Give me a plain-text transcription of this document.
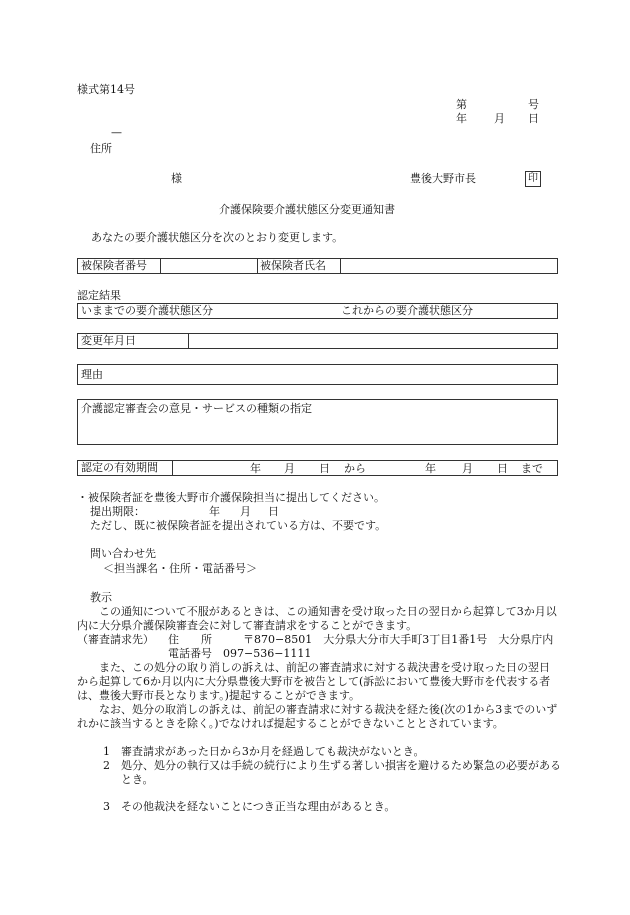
様式第14号
第	号
年 月 日
—
住所
様	豊後大野市長	印
介護保険要介護状態区分変更通知書
あなたの要介護状態区分を次のとおり変更します。
被保険者番号	被保険者氏名
認定結果
いままでの要介護状態区分	これからの要介護状態区分
変更年月日
理由
介護認定審査会の意見・サービスの種類の指定
認定の有効期間	年 月 日 から	年 月 日 まで
・被保険者証を豊後大野市介護保険担当に提出してください。
提出期限：	年 月 日
ただし、既に被保険者証を提出されている方は、不要です。
問い合わせ先
＜担当課名・住所・電話番号＞
教示
この通知について不服があるときは、この通知書を受け取った日の翌日から起算して3か月以内に大分県介護保険審査会に対して審査請求をすることができます。
（審査請求先） 住　　所	〒870−8501　大分県大分市大手町3丁目1番1号　大分県庁内
電話番号　097−536−1111
また、この処分の取り消しの訴えは、前記の審査請求に対する裁決書を受け取った日の翌日から起算して6か月以内に大分県豊後大野市を被告として(訴訟において豊後大野市を代表する者は、豊後大野市長となります。)提起することができます。
なお、処分の取消しの訴えは、前記の審査請求に対する裁決を経た後(次の1から3までのいずれかに該当するときを除く。)でなければ提起することができないこととされています。
1 審査請求があった日から3か月を経過しても裁決がないとき。
2 処分、処分の執行又は手続の続行により生ずる著しい損害を避けるため緊急の必要があるとき。
3 その他裁決を経ないことにつき正当な理由があるとき。
